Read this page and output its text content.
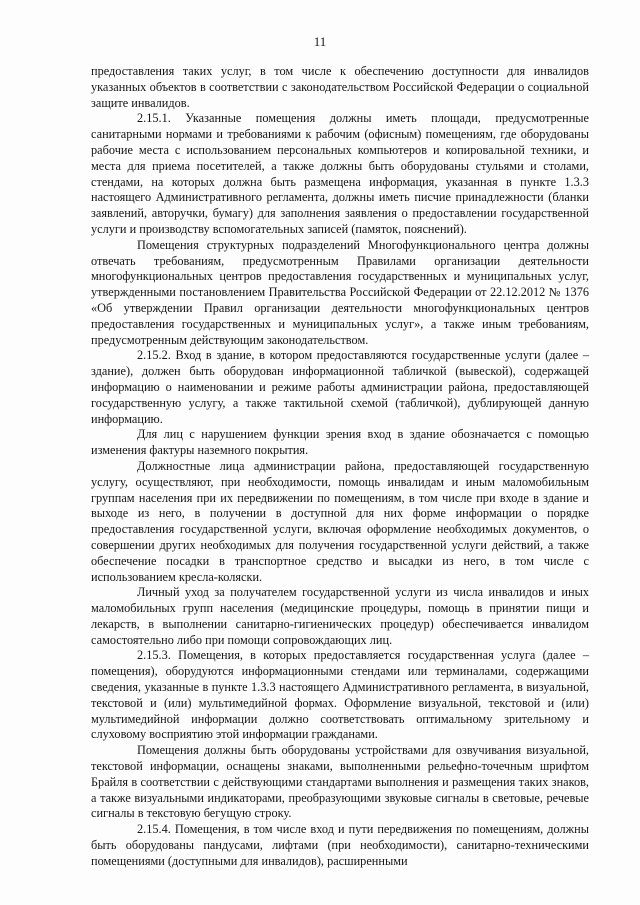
11

предоставления таких услуг, в том числе к обеспечению доступности для инвалидов указанных объектов в соответствии с законодательством Российской Федерации о социальной защите инвалидов.

2.15.1. Указанные помещения должны иметь площади, предусмотренные санитарными нормами и требованиями к рабочим (офисным) помещениям, где оборудованы рабочие места с использованием персональных компьютеров и копировальной техники, и места для приема посетителей, а также должны быть оборудованы стульями и столами, стендами, на которых должна быть размещена информация, указанная в пункте 1.3.3 настоящего Административного регламента, должны иметь писчие принадлежности (бланки заявлений, авторучки, бумагу) для заполнения заявления о предоставлении государственной услуги и производству вспомогательных записей (памяток, пояснений).

Помещения структурных подразделений Многофункционального центра должны отвечать требованиям, предусмотренным Правилами организации деятельности многофункциональных центров предоставления государственных и муниципальных услуг, утвержденными постановлением Правительства Российской Федерации от 22.12.2012 № 1376 «Об утверждении Правил организации деятельности многофункциональных центров предоставления государственных и муниципальных услуг», а также иным требованиям, предусмотренным действующим законодательством.

2.15.2. Вход в здание, в котором предоставляются государственные услуги (далее – здание), должен быть оборудован информационной табличкой (вывеской), содержащей информацию о наименовании и режиме работы администрации района, предоставляющей государственную услугу, а также тактильной схемой (табличкой), дублирующей данную информацию.

Для лиц с нарушением функции зрения вход в здание обозначается с помощью изменения фактуры наземного покрытия.

Должностные лица администрации района, предоставляющей государственную услугу, осуществляют, при необходимости, помощь инвалидам и иным маломобильным группам населения при их передвижении по помещениям, в том числе при входе в здание и выходе из него, в получении в доступной для них форме информации о порядке предоставления государственной услуги, включая оформление необходимых документов, о совершении других необходимых для получения государственной услуги действий, а также обеспечение посадки в транспортное средство и высадки из него, в том числе с использованием кресла-коляски.

Личный уход за получателем государственной услуги из числа инвалидов и иных маломобильных групп населения (медицинские процедуры, помощь в принятии пищи и лекарств, в выполнении санитарно-гигиенических процедур) обеспечивается инвалидом самостоятельно либо при помощи сопровождающих лиц.

2.15.3. Помещения, в которых предоставляется государственная услуга (далее – помещения), оборудуются информационными стендами или терминалами, содержащими сведения, указанные в пункте 1.3.3 настоящего Административного регламента, в визуальной, текстовой и (или) мультимедийной формах. Оформление визуальной, текстовой и (или) мультимедийной информации должно соответствовать оптимальному зрительному и слуховому восприятию этой информации гражданами.

Помещения должны быть оборудованы устройствами для озвучивания визуальной, текстовой информации, оснащены знаками, выполненными рельефно-точечным шрифтом Брайля в соответствии с действующими стандартами выполнения и размещения таких знаков, а также визуальными индикаторами, преобразующими звуковые сигналы в световые, речевые сигналы в текстовую бегущую строку.

2.15.4. Помещения, в том числе вход и пути передвижения по помещениям, должны быть оборудованы пандусами, лифтами (при необходимости), санитарно-техническими помещениями (доступными для инвалидов), расширенными
